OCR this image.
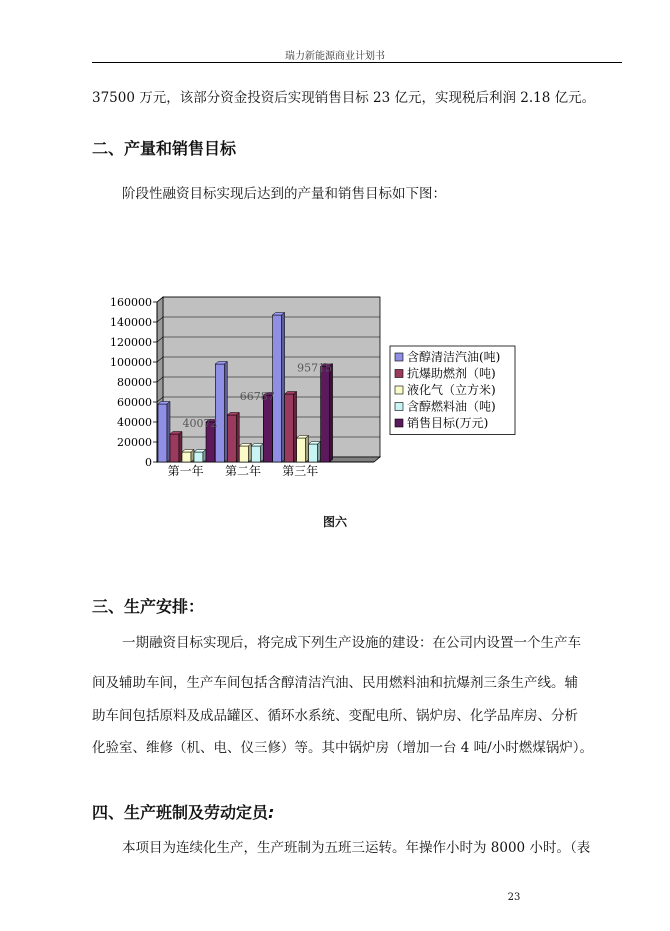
瑞力新能源商业计划书
37500 万元，该部分资金投资后实现销售目标 23 亿元，实现税后利润 2.18 亿元。
二、产量和销售目标
阶段性融资目标实现后达到的产量和销售目标如下图：
0
20000
40000
60000
80000
100000
120000
140000
160000
第一年 第二年 第三年
40072
66787
95715
含醇清洁汽油(吨)
抗爆助燃剂（吨)
液化气（立方米)
含醇燃料油（吨)
销售目标(万元)
图六
三、生产安排：
一期融资目标实现后，将完成下列生产设施的建设：在公司内设置一个生产车
间及辅助车间，生产车间包括含醇清洁汽油、民用燃料油和抗爆剂三条生产线。辅
助车间包括原料及成品罐区、循环水系统、变配电所、锅炉房、化学品库房、分析
化验室、维修（机、电、仪三修）等。其中锅炉房（增加一台 4 吨/小时燃煤锅炉）。
四、生产班制及劳动定员:
本项目为连续化生产，生产班制为五班三运转。年操作小时为 8000 小时。（表
23
